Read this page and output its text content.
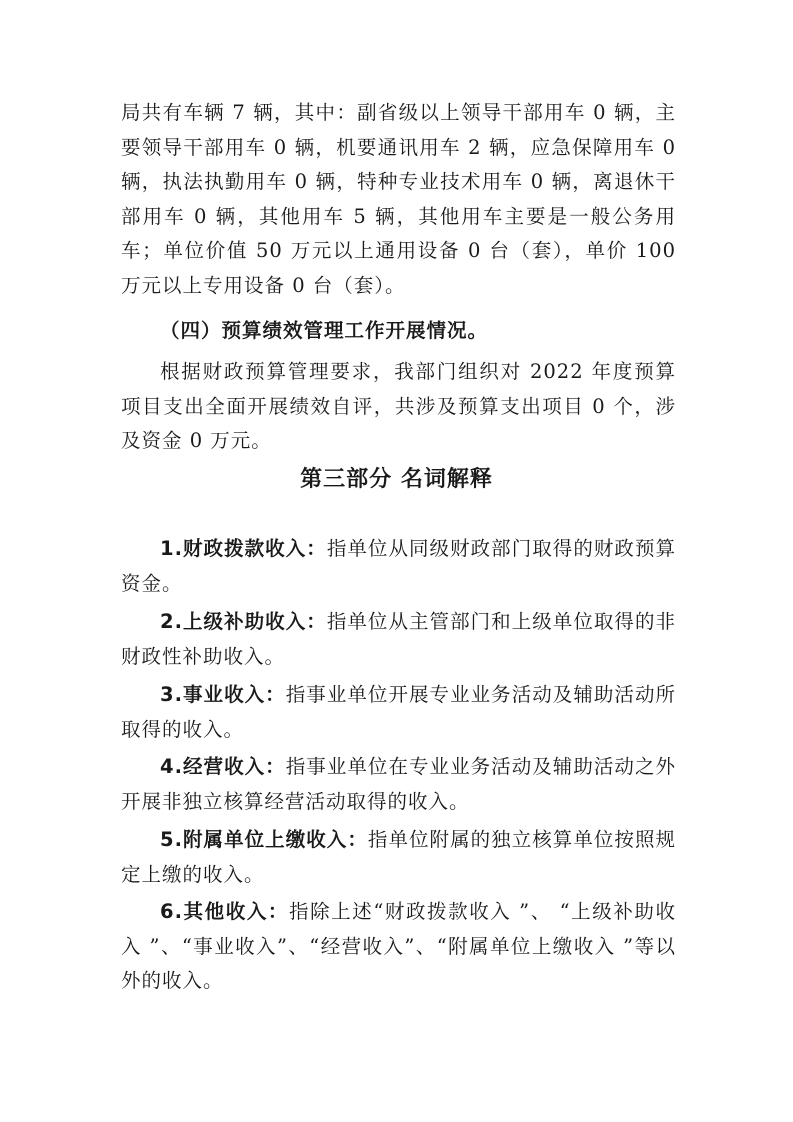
局共有车辆 7 辆，其中：副省级以上领导干部用车 0 辆，主要领导干部用车 0 辆，机要通讯用车 2 辆，应急保障用车 0 辆，执法执勤用车 0 辆，特种专业技术用车 0 辆，离退休干部用车 0 辆，其他用车 5 辆，其他用车主要是一般公务用车；单位价值 50 万元以上通用设备 0 台（套），单价 100 万元以上专用设备 0 台（套）。

（四）预算绩效管理工作开展情况。

根据财政预算管理要求，我部门组织对 2022 年度预算项目支出全面开展绩效自评，共涉及预算支出项目 0 个，涉及资金 0 万元。

第三部分 名词解释

1.财政拨款收入：指单位从同级财政部门取得的财政预算资金。

2.上级补助收入：指单位从主管部门和上级单位取得的非财政性补助收入。

3.事业收入：指事业单位开展专业业务活动及辅助活动所取得的收入。

4.经营收入：指事业单位在专业业务活动及辅助活动之外开展非独立核算经营活动取得的收入。

5.附属单位上缴收入：指单位附属的独立核算单位按照规定上缴的收入。

6.其他收入：指除上述“财政拨款收入 ”、 “上级补助收入 ”、“事业收入”、“经营收入”、“附属单位上缴收入 ”等以外的收入。
